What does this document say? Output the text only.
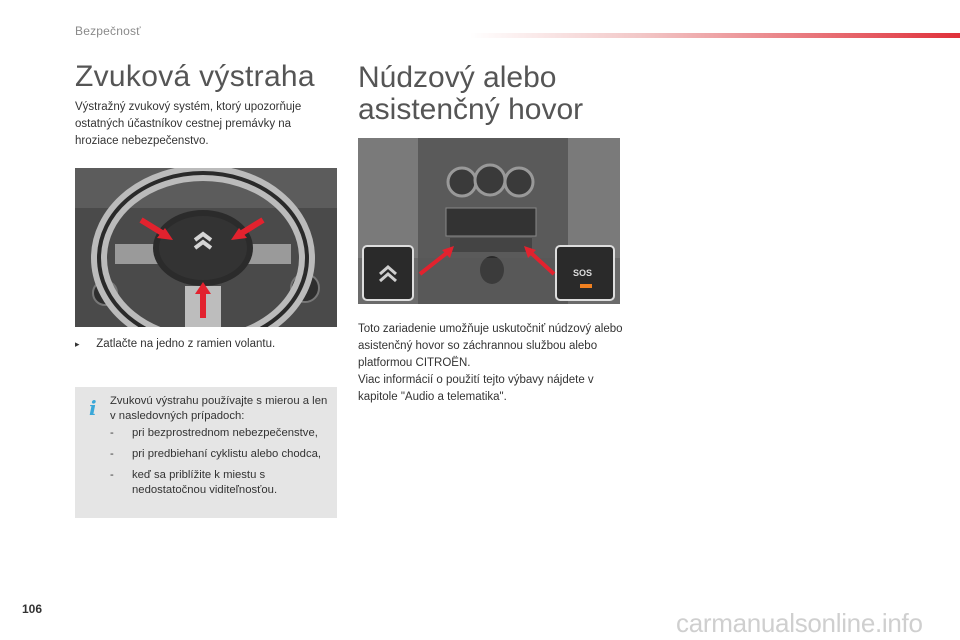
Bezpečnosť
Zvuková výstraha
Výstražný zvukový systém, ktorý upozorňuje ostatných účastníkov cestnej premávky na hroziace nebezpečenstvo.
▸ Zatlačte na jedno z ramien volantu.
i Zvukovú výstrahu používajte s mierou a len v nasledovných prípadoch:
- pri bezprostrednom nebezpečenstve,
- pri predbiehaní cyklistu alebo chodca,
- keď sa priblížite k miestu s nedostatočnou viditeľnosťou.
Núdzový alebo asistenčný hovor
SOS
Toto zariadenie umožňuje uskutočniť núdzový alebo asistenčný hovor so záchrannou službou alebo platformou CITROËN.
Viac informácií o použití tejto výbavy nájdete v kapitole "Audio a telematika".
106	carmanualsonline.info
